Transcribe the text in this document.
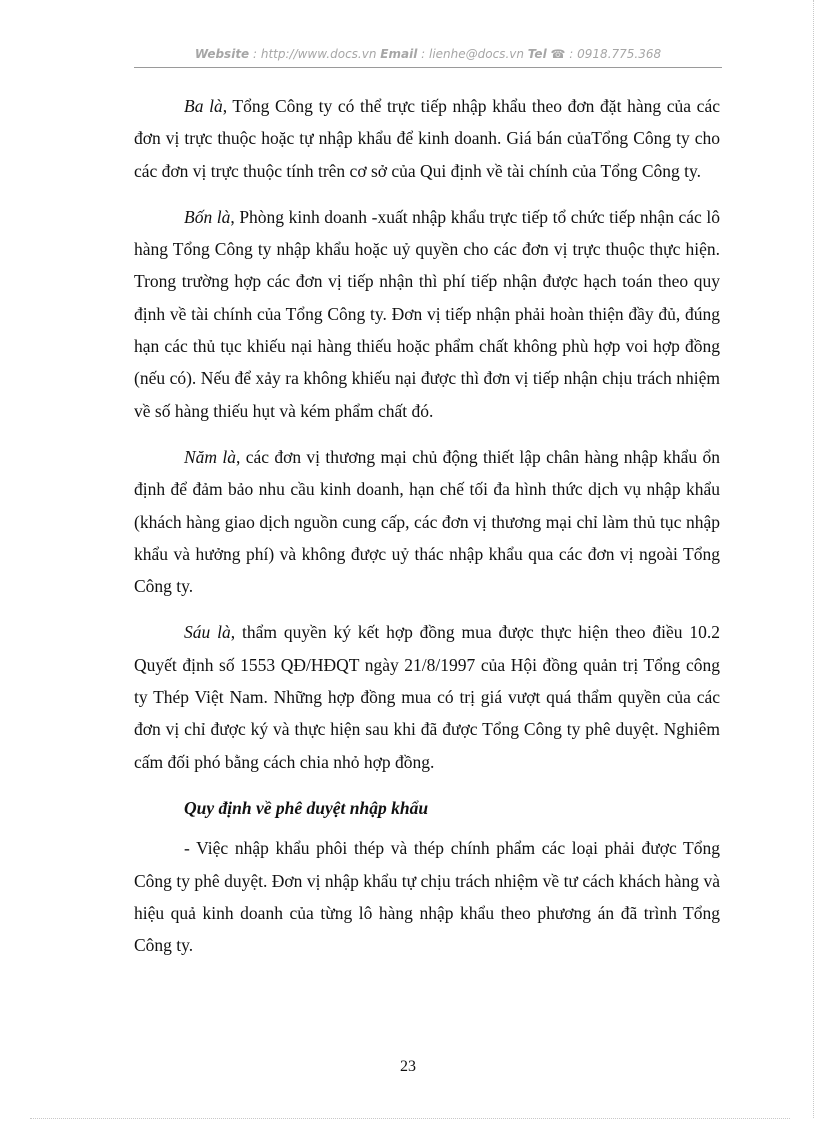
Website : http://www.docs.vn Email : lienhe@docs.vn Tel ☎ : 0918.775.368

Ba là, Tổng Công ty có thể trực tiếp nhập khẩu theo đơn đặt hàng của các đơn vị trực thuộc hoặc tự nhập khẩu để kinh doanh. Giá bán củaTổng Công ty cho các đơn vị trực thuộc tính trên cơ sở của Qui định về tài chính của Tổng Công ty.

Bốn là, Phòng kinh doanh -xuất nhập khẩu trực tiếp tổ chức tiếp nhận các lô hàng Tổng Công ty nhập khẩu hoặc uỷ quyền cho các đơn vị trực thuộc thực hiện. Trong trường hợp các đơn vị tiếp nhận thì phí tiếp nhận được hạch toán theo quy định về tài chính của Tổng Công ty. Đơn vị tiếp nhận phải hoàn thiện đầy đủ, đúng hạn các thủ tục khiếu nại hàng thiếu hoặc phẩm chất không phù hợp voi hợp đồng (nếu có). Nếu để xảy ra không khiếu nại được thì đơn vị tiếp nhận chịu trách nhiệm về số hàng thiếu hụt và kém phẩm chất đó.

Năm là, các đơn vị thương mại chủ động thiết lập chân hàng nhập khẩu ổn định để đảm bảo nhu cầu kinh doanh, hạn chế tối đa hình thức dịch vụ nhập khẩu (khách hàng giao dịch nguồn cung cấp, các đơn vị thương mại chỉ làm thủ tục nhập khẩu và hưởng phí) và không được uỷ thác nhập khẩu qua các đơn vị ngoài Tổng Công ty.

Sáu là, thẩm quyền ký kết hợp đồng mua được thực hiện theo điều 10.2 Quyết định số 1553 QĐ/HĐQT ngày 21/8/1997 của Hội đồng quản trị Tổng công ty Thép Việt Nam. Những hợp đồng mua có trị giá vượt quá thẩm quyền của các đơn vị chỉ được ký và thực hiện sau khi đã được Tổng Công ty phê duyệt. Nghiêm cấm đối phó bằng cách chia nhỏ hợp đồng.

Quy định về phê duyệt nhập khẩu

- Việc nhập khẩu phôi thép và thép chính phẩm các loại phải được Tổng Công ty phê duyệt. Đơn vị nhập khẩu tự chịu trách nhiệm về tư cách khách hàng và hiệu quả kinh doanh của từng lô hàng nhập khẩu theo phương án đã trình Tổng Công ty.

23
